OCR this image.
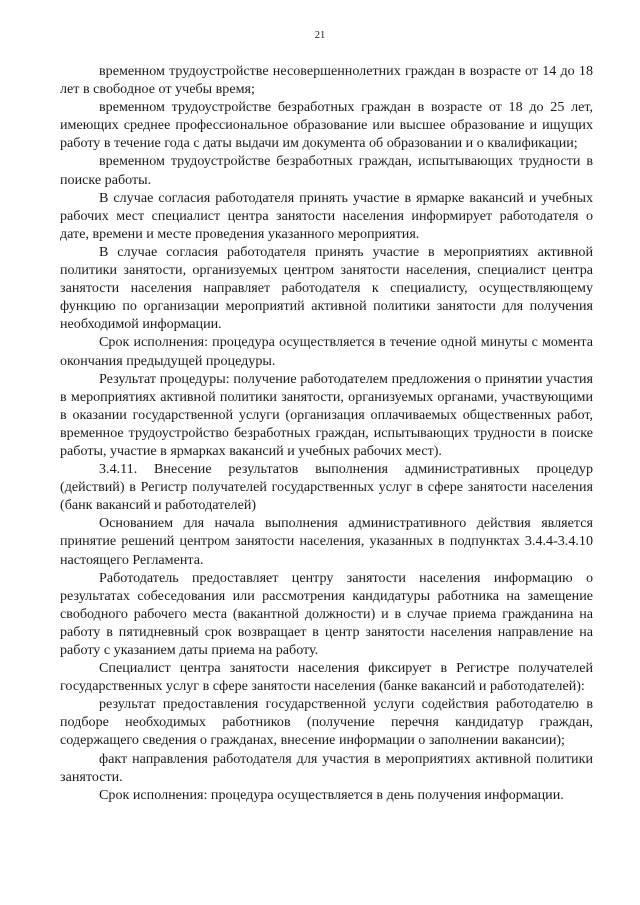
21

временном трудоустройстве несовершеннолетних граждан в возрасте от 14 до 18 лет в свободное от учебы время;

временном трудоустройстве безработных граждан в возрасте от 18 до 25 лет, имеющих среднее профессиональное образование или высшее образование и ищущих работу в течение года с даты выдачи им документа об образовании и о квалификации;

временном трудоустройстве безработных граждан, испытывающих трудности в поиске работы.

В случае согласия работодателя принять участие в ярмарке вакансий и учебных рабочих мест специалист центра занятости населения информирует работодателя о дате, времени и месте проведения указанного мероприятия.

В случае согласия работодателя принять участие в мероприятиях активной политики занятости, организуемых центром занятости населения, специалист центра занятости населения направляет работодателя к специалисту, осуществляющему функцию по организации мероприятий активной политики занятости для получения необходимой информации.

Срок исполнения: процедура осуществляется в течение одной минуты с момента окончания предыдущей процедуры.

Результат процедуры: получение работодателем предложения о принятии участия в мероприятиях активной политики занятости, организуемых органами, участвующими в оказании государственной услуги (организация оплачиваемых общественных работ, временное трудоустройство безработных граждан, испытывающих трудности в поиске работы, участие в ярмарках вакансий и учебных рабочих мест).

3.4.11. Внесение результатов выполнения административных процедур (действий) в Регистр получателей государственных услуг в сфере занятости населения (банк вакансий и работодателей)

Основанием для начала выполнения административного действия является принятие решений центром занятости населения, указанных в подпунктах 3.4.4-3.4.10 настоящего Регламента.

Работодатель предоставляет центру занятости населения информацию о результатах собеседования или рассмотрения кандидатуры работника на замещение свободного рабочего места (вакантной должности) и в случае приема гражданина на работу в пятидневный срок возвращает в центр занятости населения направление на работу с указанием даты приема на работу.

Специалист центра занятости населения фиксирует в Регистре получателей государственных услуг в сфере занятости населения (банке вакансий и работодателей):

результат предоставления государственной услуги содействия работодателю в подборе необходимых работников (получение перечня кандидатур граждан, содержащего сведения о гражданах, внесение информации о заполнении вакансии);

факт направления работодателя для участия в мероприятиях активной политики занятости.

Срок исполнения: процедура осуществляется в день получения информации.
